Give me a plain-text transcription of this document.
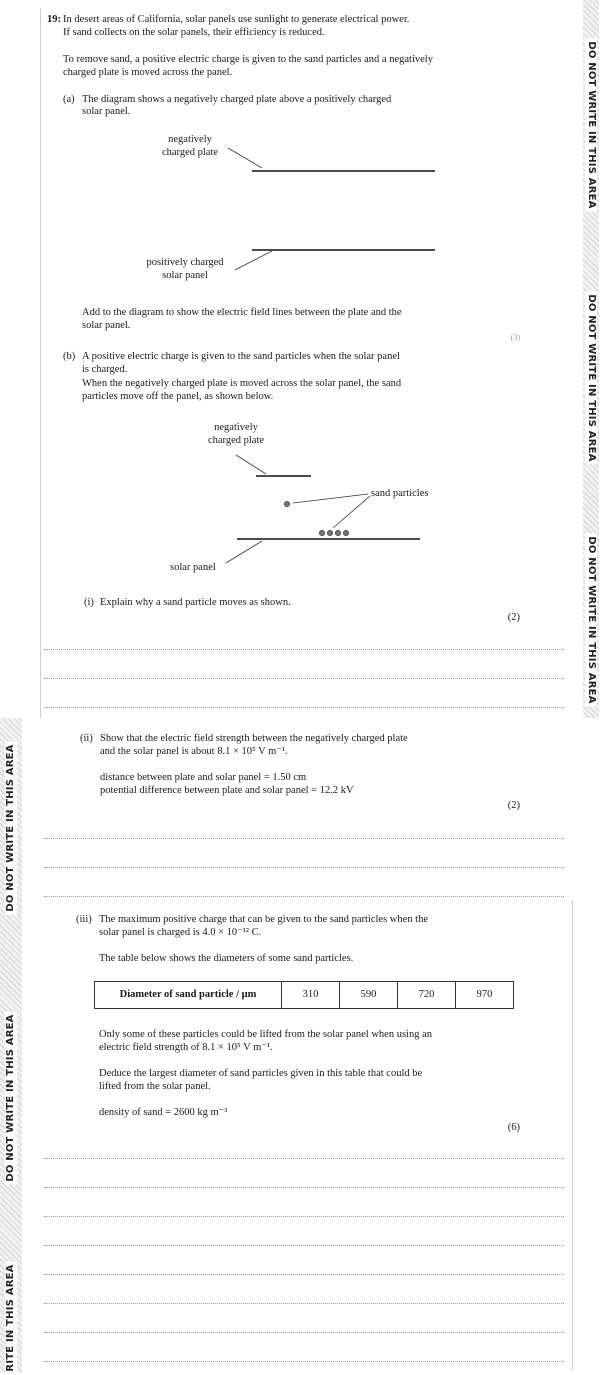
DO NOT WRITE IN THIS AREA
DO NOT WRITE IN THIS AREA
DO NOT WRITE IN THIS AREA
DO NOT WRITE IN THIS AREA
DO NOT WRITE IN THIS AREA
RITE IN THIS AREA
19: In desert areas of California, solar panels use sunlight to generate electrical power.
If sand collects on the solar panels, their efficiency is reduced.
To remove sand, a positive electric charge is given to the sand particles and a negatively
charged plate is moved across the panel.
(a) The diagram shows a negatively charged plate above a positively charged
solar panel.
negatively
charged plate
positively charged
solar panel
Add to the diagram to show the electric field lines between the plate and the
solar panel.
(3)
(b) A positive electric charge is given to the sand particles when the solar panel
is charged.
When the negatively charged plate is moved across the solar panel, the sand
particles move off the panel, as shown below.
negatively
charged plate
sand particles
solar panel
(i) Explain why a sand particle moves as shown.
(2)
(ii) Show that the electric field strength between the negatively charged plate
and the solar panel is about 8.1 × 10⁵ V m⁻¹.
distance between plate and solar panel = 1.50 cm
potential difference between plate and solar panel = 12.2 kV
(2)
(iii) The maximum positive charge that can be given to the sand particles when the
solar panel is charged is 4.0 × 10⁻¹² C.
The table below shows the diameters of some sand particles.
Diameter of sand particle / μm	310	590	720	970
Only some of these particles could be lifted from the solar panel when using an
electric field strength of 8.1 × 10⁵ V m⁻¹.
Deduce the largest diameter of sand particles given in this table that could be
lifted from the solar panel.
density of sand = 2600 kg m⁻³
(6)
